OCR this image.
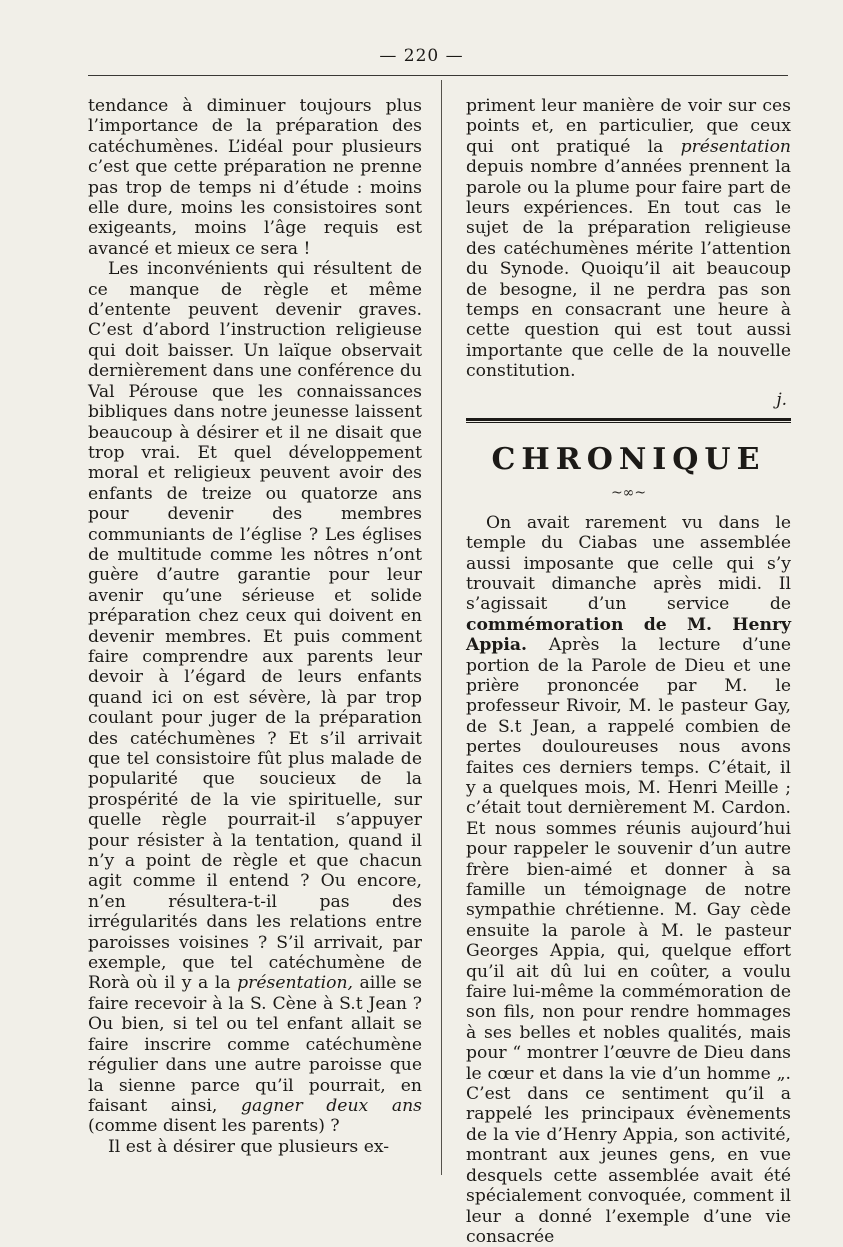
— 220 —

tendance à diminuer toujours plus l’importance de la préparation des catéchumènes. L’idéal pour plusieurs c’est que cette préparation ne prenne pas trop de temps ni d’étude : moins elle dure, moins les consistoires sont exigeants, moins l’âge requis est avancé et mieux ce sera !

Les inconvénients qui résultent de ce manque de règle et même d’entente peuvent devenir graves. C’est d’abord l’instruction religieuse qui doit baisser. Un laïque observait dernièrement dans une conférence du Val Pérouse que les connaissances bibliques dans notre jeunesse laissent beaucoup à désirer et il ne disait que trop vrai. Et quel développement moral et religieux peuvent avoir des enfants de treize ou quatorze ans pour devenir des membres communiants de l’église ? Les églises de multitude comme les nôtres n’ont guère d’autre garantie pour leur avenir qu’une sérieuse et solide préparation chez ceux qui doivent en devenir membres. Et puis comment faire comprendre aux parents leur devoir à l’égard de leurs enfants quand ici on est sévère, là par trop coulant pour juger de la préparation des catéchumènes ? Et s’il arrivait que tel consistoire fût plus malade de popularité que soucieux de la prospérité de la vie spirituelle, sur quelle règle pourrait-il s’appuyer pour résister à la tentation, quand il n’y a point de règle et que chacun agit comme il entend ? Ou encore, n’en résultera-t-il pas des irrégularités dans les relations entre paroisses voisines ? S’il arrivait, par exemple, que tel catéchumène de Rorà où il y a la présentation, aille se faire recevoir à la S. Cène à S.t Jean ? Ou bien, si tel ou tel enfant allait se faire inscrire comme catéchumène régulier dans une autre paroisse que la sienne parce qu’il pourrait, en faisant ainsi, gagner deux ans (comme disent les parents) ?

Il est à désirer que plusieurs ex-

priment leur manière de voir sur ces points et, en particulier, que ceux qui ont pratiqué la présentation depuis nombre d’années prennent la parole ou la plume pour faire part de leurs expériences. En tout cas le sujet de la préparation religieuse des catéchumènes mérite l’attention du Synode. Quoiqu’il ait beaucoup de besogne, il ne perdra pas son temps en consacrant une heure à cette question qui est tout aussi importante que celle de la nouvelle constitution.

j.
CHRONIQUE
~∞~

On avait rarement vu dans le temple du Ciabas une assemblée aussi imposante que celle qui s’y trouvait dimanche après midi. Il s’agissait d’un service de commémoration de M. Henry Appia. Après la lecture d’une portion de la Parole de Dieu et une prière prononcée par M. le professeur Rivoir, M. le pasteur Gay, de S.t Jean, a rappelé combien de pertes douloureuses nous avons faites ces derniers temps. C’était, il y a quelques mois, M. Henri Meille ; c’était tout dernièrement M. Cardon. Et nous sommes réunis aujourd’hui pour rappeler le souvenir d’un autre frère bien-aimé et donner à sa famille un témoignage de notre sympathie chrétienne. M. Gay cède ensuite la parole à M. le pasteur Georges Appia, qui, quelque effort qu’il ait dû lui en coûter, a voulu faire lui-même la commémoration de son fils, non pour rendre hommages à ses belles et nobles qualités, mais pour “ montrer l’œuvre de Dieu dans le cœur et dans la vie d’un homme „. C’est dans ce sentiment qu’il a rappelé les principaux évènements de la vie d’Henry Appia, son activité, montrant aux jeunes gens, en vue desquels cette assemblée avait été spécialement convoquée, comment il leur a donné l’exemple d’une vie consacrée
